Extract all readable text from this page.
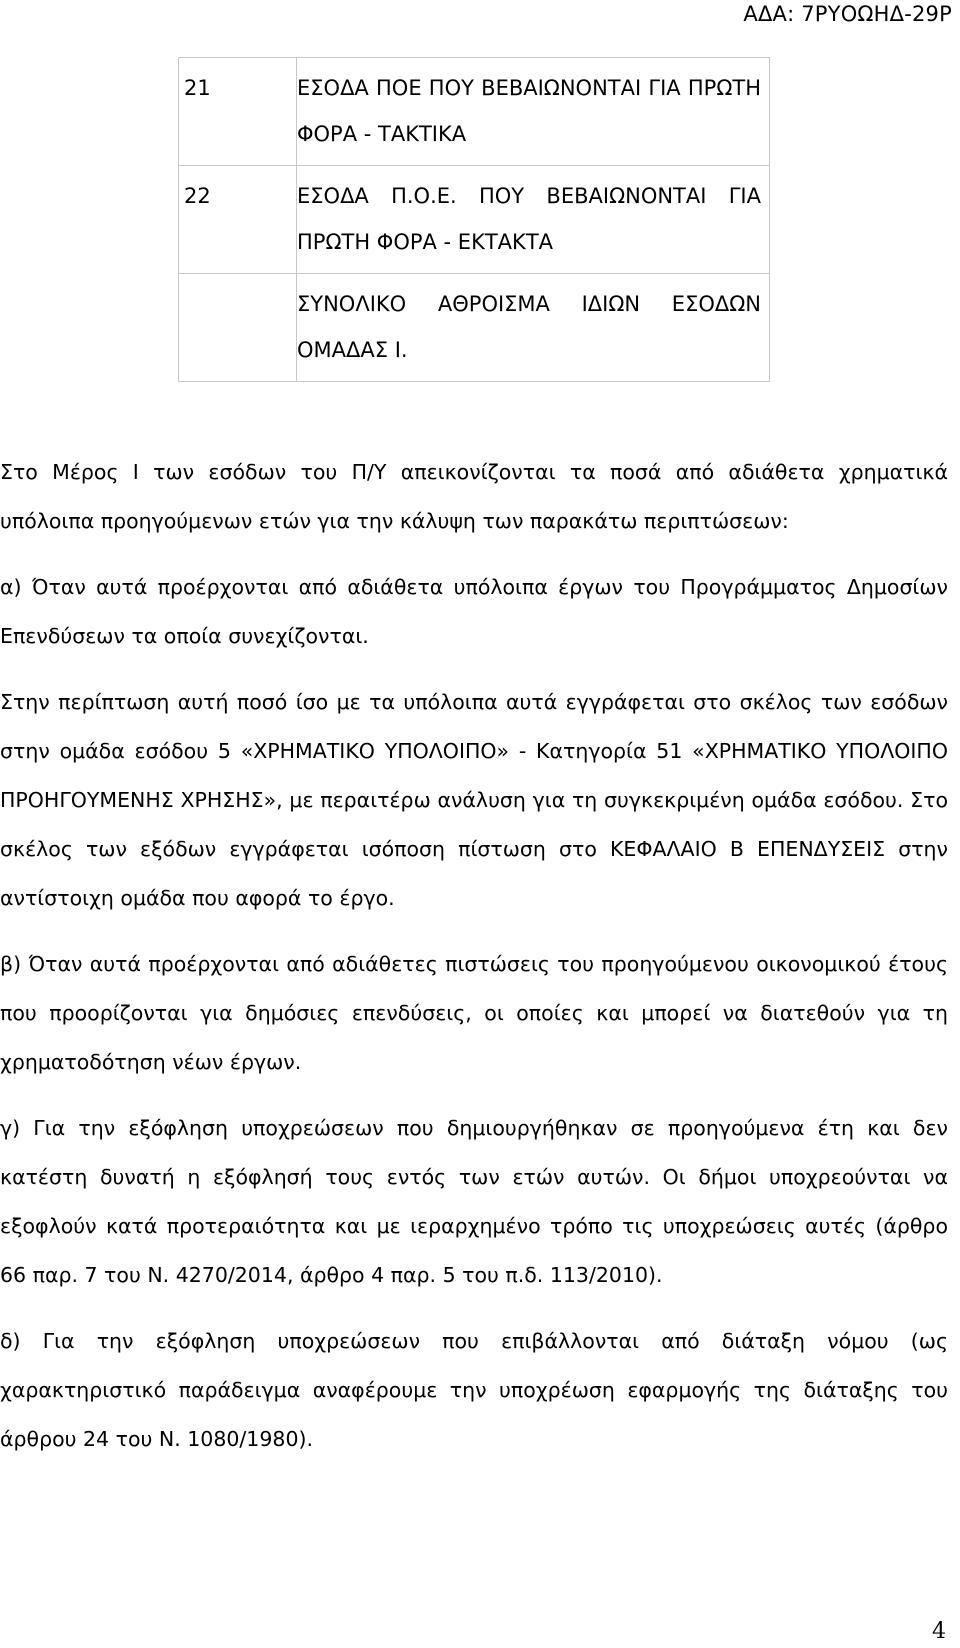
ΑΔΑ: 7ΡΥΟΩΗΔ-29Ρ
21	ΕΣΟΔΑ ΠΟΕ ΠΟΥ ΒΕΒΑΙΩΝΟΝΤΑΙ ΓΙΑ ΠΡΩΤΗ ΦΟΡΑ - ΤΑΚΤΙΚΑ
22	ΕΣΟΔΑ Π.Ο.Ε. ΠΟΥ ΒΕΒΑΙΩΝΟΝΤΑΙ ΓΙΑ ΠΡΩΤΗ ΦΟΡΑ - ΕΚΤΑΚΤΑ
	ΣΥΝΟΛΙΚΟ ΑΘΡΟΙΣΜΑ ΙΔΙΩΝ ΕΣΟΔΩΝ ΟΜΑΔΑΣ Ι.

Στο Μέρος Ι των εσόδων του Π/Υ απεικονίζονται τα ποσά από αδιάθετα χρηματικά υπόλοιπα προηγούμενων ετών για την κάλυψη των παρακάτω περιπτώσεων:

α) Όταν αυτά προέρχονται από αδιάθετα υπόλοιπα έργων του Προγράμματος Δημοσίων Επενδύσεων τα οποία συνεχίζονται.

Στην περίπτωση αυτή ποσό ίσο με τα υπόλοιπα αυτά εγγράφεται στο σκέλος των εσόδων στην ομάδα εσόδου 5 «ΧΡΗΜΑΤΙΚΟ ΥΠΟΛΟΙΠΟ» - Κατηγορία 51 «ΧΡΗΜΑΤΙΚΟ ΥΠΟΛΟΙΠΟ ΠΡΟΗΓΟΥΜΕΝΗΣ ΧΡΗΣΗΣ», με περαιτέρω ανάλυση για τη συγκεκριμένη ομάδα εσόδου. Στο σκέλος των εξόδων εγγράφεται ισόποση πίστωση στο ΚΕΦΑΛΑΙΟ Β ΕΠΕΝΔΥΣΕΙΣ στην αντίστοιχη ομάδα που αφορά το έργο.

β) Όταν αυτά προέρχονται από αδιάθετες πιστώσεις του προηγούμενου οικονομικού έτους που προορίζονται για δημόσιες επενδύσεις, οι οποίες και μπορεί να διατεθούν για τη χρηματοδότηση νέων έργων.

γ) Για την εξόφληση υποχρεώσεων που δημιουργήθηκαν σε προηγούμενα έτη και δεν κατέστη δυνατή η εξόφλησή τους εντός των ετών αυτών. Οι δήμοι υποχρεούνται να εξοφλούν κατά προτεραιότητα και με ιεραρχημένο τρόπο τις υποχρεώσεις αυτές (άρθρο 66 παρ. 7 του Ν. 4270/2014, άρθρο 4 παρ. 5 του π.δ. 113/2010).

δ) Για την εξόφληση υποχρεώσεων που επιβάλλονται από διάταξη νόμου (ως χαρακτηριστικό παράδειγμα αναφέρουμε την υποχρέωση εφαρμογής της διάταξης του άρθρου 24 του Ν. 1080/1980).

4
